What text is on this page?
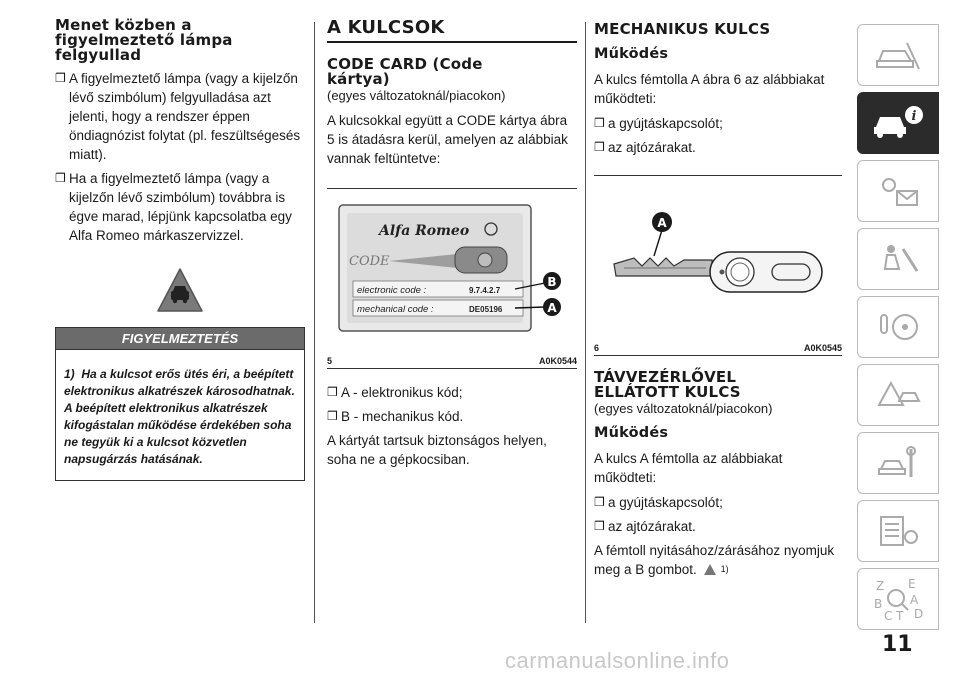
Menet közben a figyelmeztető lámpa felgyullad
❒ A figyelmeztető lámpa (vagy a kijelzőn lévő szimbólum) felgyulladása azt jelenti, hogy a rendszer éppen öndiagnózist folytat (pl. feszültségesés miatt).
❒ Ha a figyelmeztető lámpa (vagy a kijelzőn lévő szimbólum) továbbra is égve marad, lépjünk kapcsolatba egy Alfa Romeo márkaszervizzel.
FIGYELMEZTETÉS
1) Ha a kulcsot erős ütés éri, a beépített elektronikus alkatrészek károsodhatnak. A beépített elektronikus alkatrészek kifogástalan működése érdekében soha ne tegyük ki a kulcsot közvetlen napsugárzás hatásának.
A KULCSOK
CODE CARD (Code kártya)
(egyes változatoknál/piacokon)

A kulcsokkal együtt a CODE kártya ábra 5 is átadásra kerül, amelyen az alábbiak vannak feltüntetve:

Alfa Romeo
CODE
electronic code :	9.7.4.2.7
mechanical code :	DE05196
B
A
5	A0K0544
❒ A - elektronikus kód;
❒ B - mechanikus kód.

A kártyát tartsuk biztonságos helyen, soha ne a gépkocsiban.

MECHANIKUS KULCS
Működés

A kulcs fémtolla A ábra 6 az alábbiakat működteti:

❒ a gyújtáskapcsolót;
❒ az ajtózárakat.
A
6	A0K0545
TÁVVEZÉRLŐVEL ELLÁTOTT KULCS
(egyes változatoknál/piacokon)
Működés

A kulcs A fémtolla az alábbiakat működteti:

❒ a gyújtáskapcsolót;
❒ az ajtózárakat.

A fémtoll nyitásához/zárásához nyomjuk meg a B gombot.	$^{1)}$

i
Z E
A
B
C T D
11
carmanualsonline.info
